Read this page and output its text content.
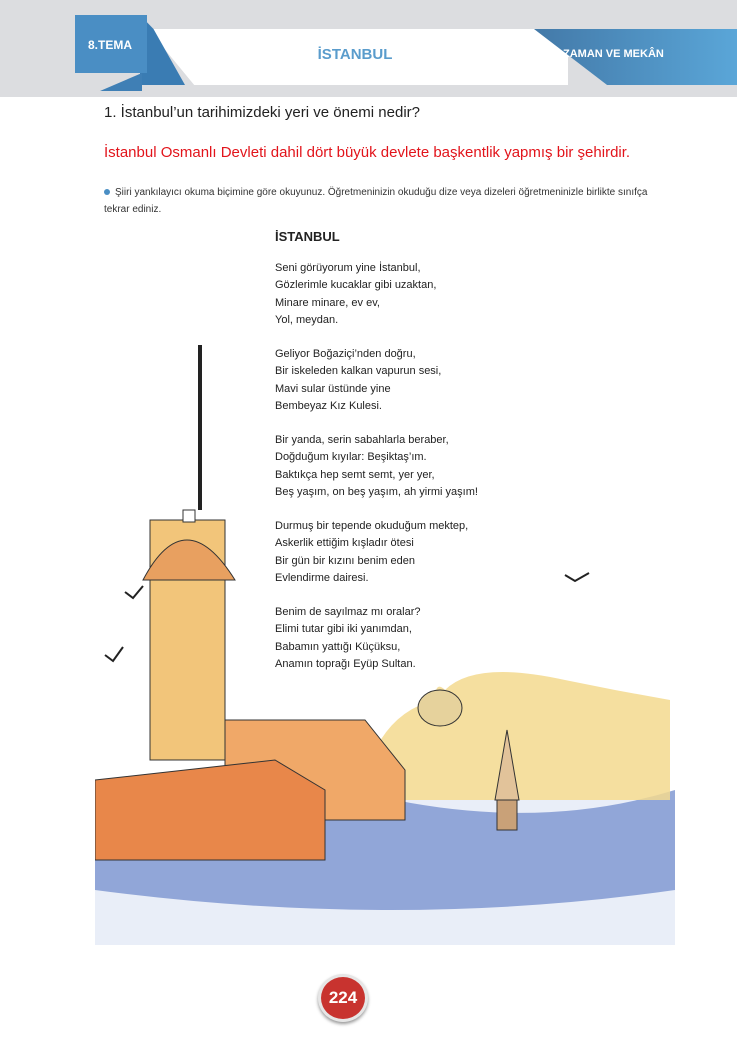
8.TEMA
İSTANBUL	ZAMAN VE MEKÂN
1. İstanbul’un tarihimizdeki yeri ve önemi nedir?
İstanbul Osmanlı Devleti dahil dört büyük devlete başkentlik yapmış bir şehirdir.
Şiiri yankılayıcı okuma biçimine göre okuyunuz. Öğretmeninizin okuduğu dize veya dizeleri öğretmeninizle birlikte sınıfça tekrar ediniz.
İSTANBUL
Seni görüyorum yine İstanbul,
Gözlerimle kucaklar gibi uzaktan,
Minare minare, ev ev,
Yol, meydan.
Geliyor Boğaziçi’nden doğru,
Bir iskeleden kalkan vapurun sesi,
Mavi sular üstünde yine
Bembeyaz Kız Kulesi.
Bir yanda, serin sabahlarla beraber,
Doğduğum kıyılar: Beşiktaş’ım.
Baktıkça hep semt semt, yer yer,
Beş yaşım, on beş yaşım, ah yirmi yaşım!
Durmuş bir tepende okuduğum mektep,
Askerlik ettiğim kışladır ötesi
Bir gün bir kızını benim eden
Evlendirme dairesi.
Benim de sayılmaz mı oralar?
Elimi tutar gibi iki yanımdan,
Babamın yattığı Küçüksu,
Anamın toprağı Eyüp Sultan.
224
